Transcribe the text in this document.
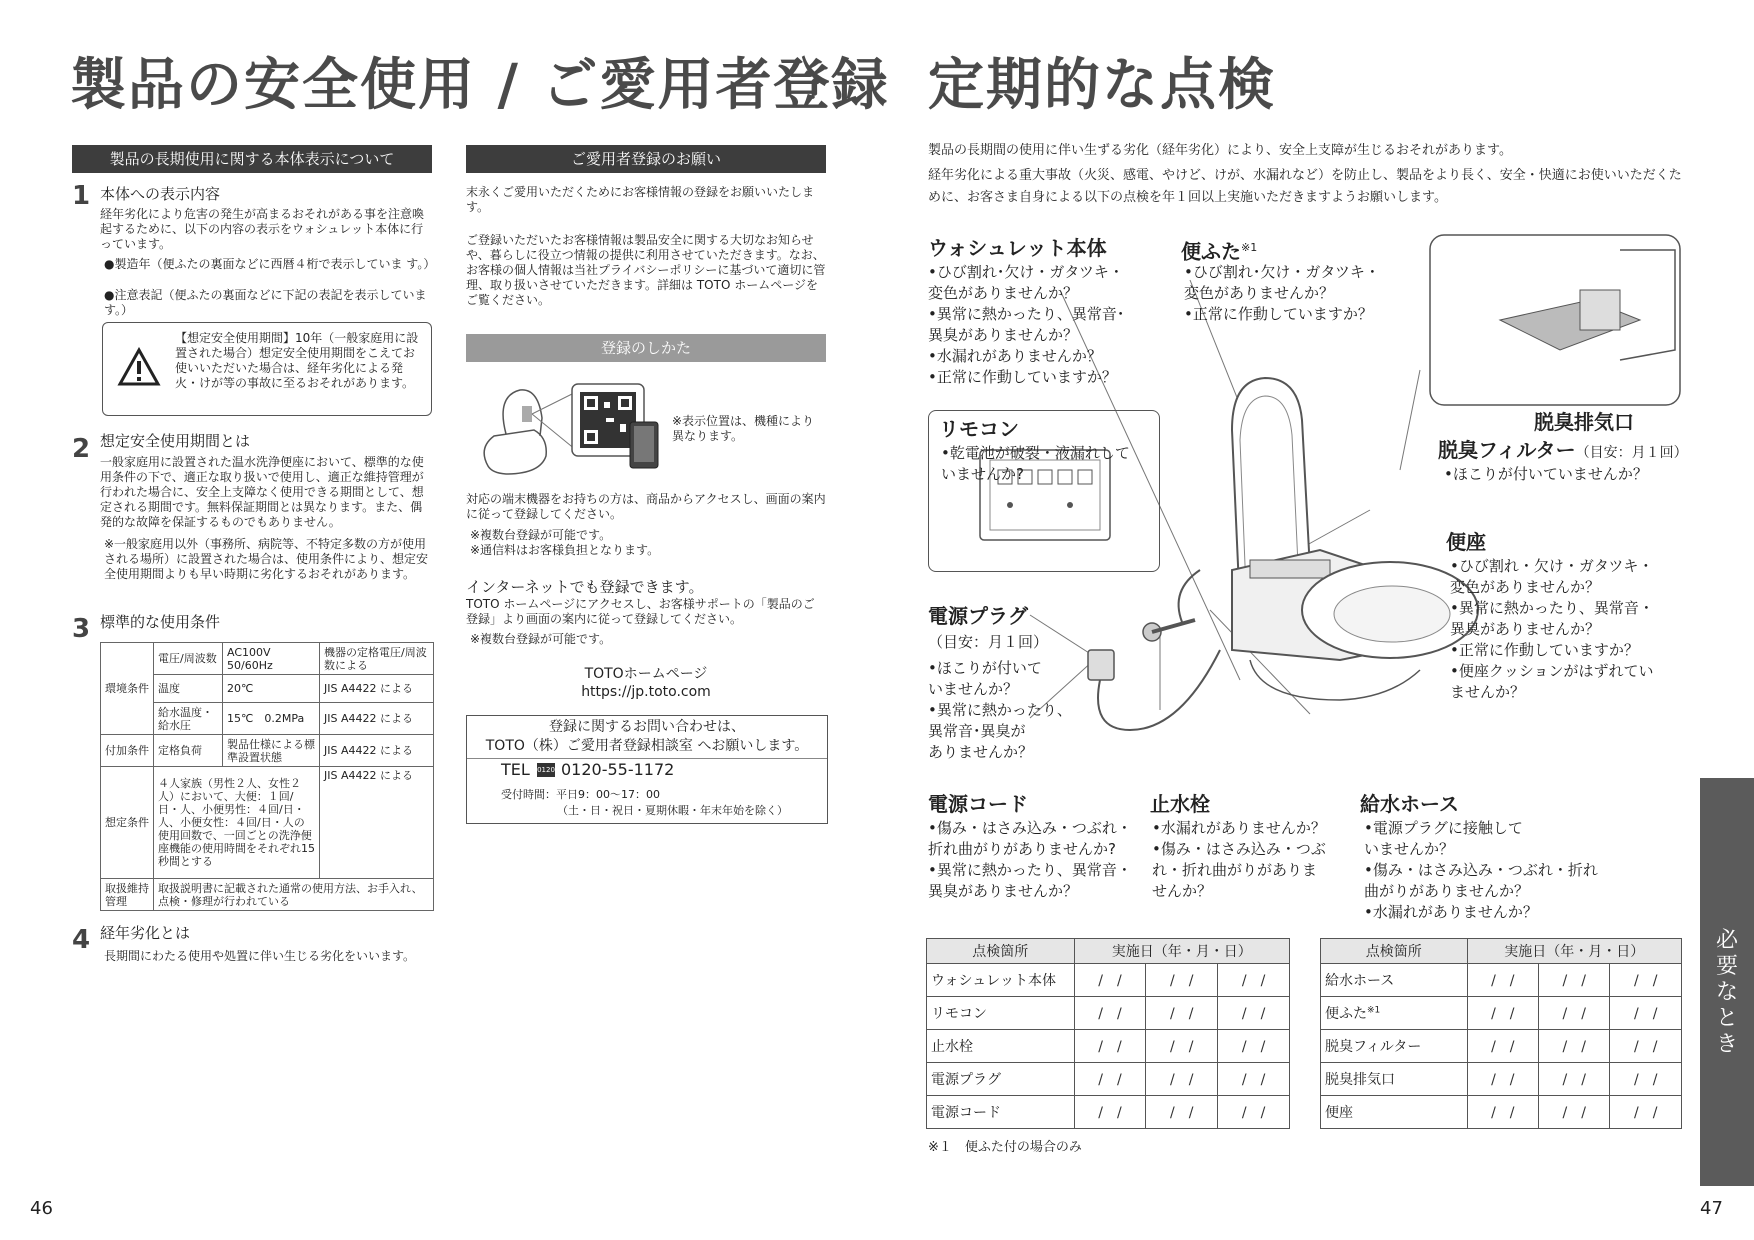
製品の安全使用 / ご愛用者登録
製品の長期使用に関する本体表示について
1 本体への表示内容
経年劣化により危害の発生が高まるおそれがある事を注意喚起するために、以下の内容の表示をウォシュレット本体に行っています。
●製造年（便ふたの裏面などに西暦４桁で表示していま す。）
●注意表記（便ふたの裏面などに下記の表記を表示していま す。）
【想定安全使用期間】10年（一般家庭用に設置された場合）想定安全使用期間をこえてお使いいただいた場合は、経年劣化による発火・けが等の事故に至るおそれがあります。
2 想定安全使用期間とは
一般家庭用に設置された温水洗浄便座において、標準的な使用条件の下で、適正な取り扱いで使用し、適正な維持管理が行われた場合に、安全上支障なく使用できる期間として、想定される期間です。無料保証期間とは異なります。また、偶発的な故障を保証するものでもありません。
※一般家庭用以外（事務所、病院等、不特定多数の方が使用される場所）に設置された場合は、使用条件により、想定安全使用期間よりも早い時期に劣化するおそれがあります。
3 標準的な使用条件
環境条件	電圧/周波数	AC100V 50/60Hz	機器の定格電圧/周波数による
	温度	20℃	JIS A4422 による
	給水温度・給水圧	15℃　0.2MPa	JIS A4422 による
付加条件	定格負荷	製品仕様による標準設置状態	JIS A4422 による
想定条件	４人家族（男性２人、女性２人）において、大便：１回/日・人、小便男性：４回/日・人、小便女性：４回/日・人の使用回数で、一回ごとの洗浄便座機能の使用時間をそれぞれ15秒間とする		JIS A4422 による
取扱維持管理	取扱説明書に記載された通常の使用方法、お手入れ、点検・修理が行われている		
4 経年劣化とは
長期間にわたる使用や処置に伴い生じる劣化をいいます。
ご愛用者登録のお願い
末永くご愛用いただくためにお客様情報の登録をお願いいたします。
ご登録いただいたお客様情報は製品安全に関する大切なお知らせや、暮らしに役立つ情報の提供に利用させていただきます。なお、お客様の個人情報は当社プライバシーポリシーに基づいて適切に管理、取り扱いさせていただきます。詳細は TOTO ホームページをご覧ください。
登録のしかた
※表示位置は、機種により異なります。
対応の端末機器をお持ちの方は、商品からアクセスし、画面の案内に従って登録してください。
※複数台登録が可能です。
※通信料はお客様負担となります。
インターネットでも登録できます。
TOTO ホームページにアクセスし、お客様サポートの「製品のご登録」より画面の案内に従って登録してください。
※複数台登録が可能です。
TOTOホームページ
https://jp.toto.com
登録に関するお問い合わせは、
TOTO（株）ご愛用者登録相談室 へお願いします。
TEL 0120 0120-55-1172
受付時間：平日9：00～17：00
（土・日・祝日・夏期休暇・年末年始を除く）
46
定期的な点検
製品の長期間の使用に伴い生ずる劣化（経年劣化）により、安全上支障が生じるおそれがあります。
経年劣化による重大事故（火災、感電、やけど、けが、水漏れなど）を防止し、製品をより長く、安全・快適にお使いいただくために、お客さま自身による以下の点検を年１回以上実施いただきますようお願いします。
ウォシュレット本体
•ひび割れ･欠け・ガタツキ・
変色がありませんか？
•異常に熱かったり、異常音･
異臭がありませんか？
•水漏れがありませんか？
•正常に作動していますか？
便ふた$^{※1}$
•ひび割れ･欠け・ガタツキ・
変色がありませんか？
•正常に作動していますか？
リモコン
•乾電池が破裂・液漏れして
いませんか?
脱臭排気口
脱臭フィルター（目安：月１回）
•ほこりが付いていませんか？
便座
•ひび割れ・欠け・ガタツキ・
変色がありませんか？
•異常に熱かったり、異常音・
異臭がありませんか？
•正常に作動していますか？
•便座クッションがはずれてい
ませんか？
電源プラグ
（目安：月１回）
•ほこりが付いて
いませんか？
•異常に熱かったり、
異常音･異臭が
ありませんか？
電源コード
•傷み・はさみ込み・つぶれ・
折れ曲がりがありませんか?
•異常に熱かったり、異常音・
異臭がありませんか？
止水栓
•水漏れがありませんか？
•傷み・はさみ込み・つぶ
れ・折れ曲がりがありま
せんか？
給水ホース
•電源プラグに接触して
いませんか？
•傷み・はさみ込み・つぶれ・折れ
曲がりがありませんか？
•水漏れがありませんか？
点検箇所	実施日（年・月・日）		
ウォシュレット本体	/　/	/　/	/　/
リモコン	/　/	/　/	/　/
止水栓	/　/	/　/	/　/
電源プラグ	/　/	/　/	/　/
電源コード	/　/	/　/	/　/
点検箇所	実施日（年・月・日）		
給水ホース	/　/	/　/	/　/
便ふた$^{※1}$	/　/	/　/	/　/
脱臭フィルター	/　/	/　/	/　/
脱臭排気口	/　/	/　/	/　/
便座	/　/	/　/	/　/
※１　便ふた付の場合のみ
必要なとき
47
